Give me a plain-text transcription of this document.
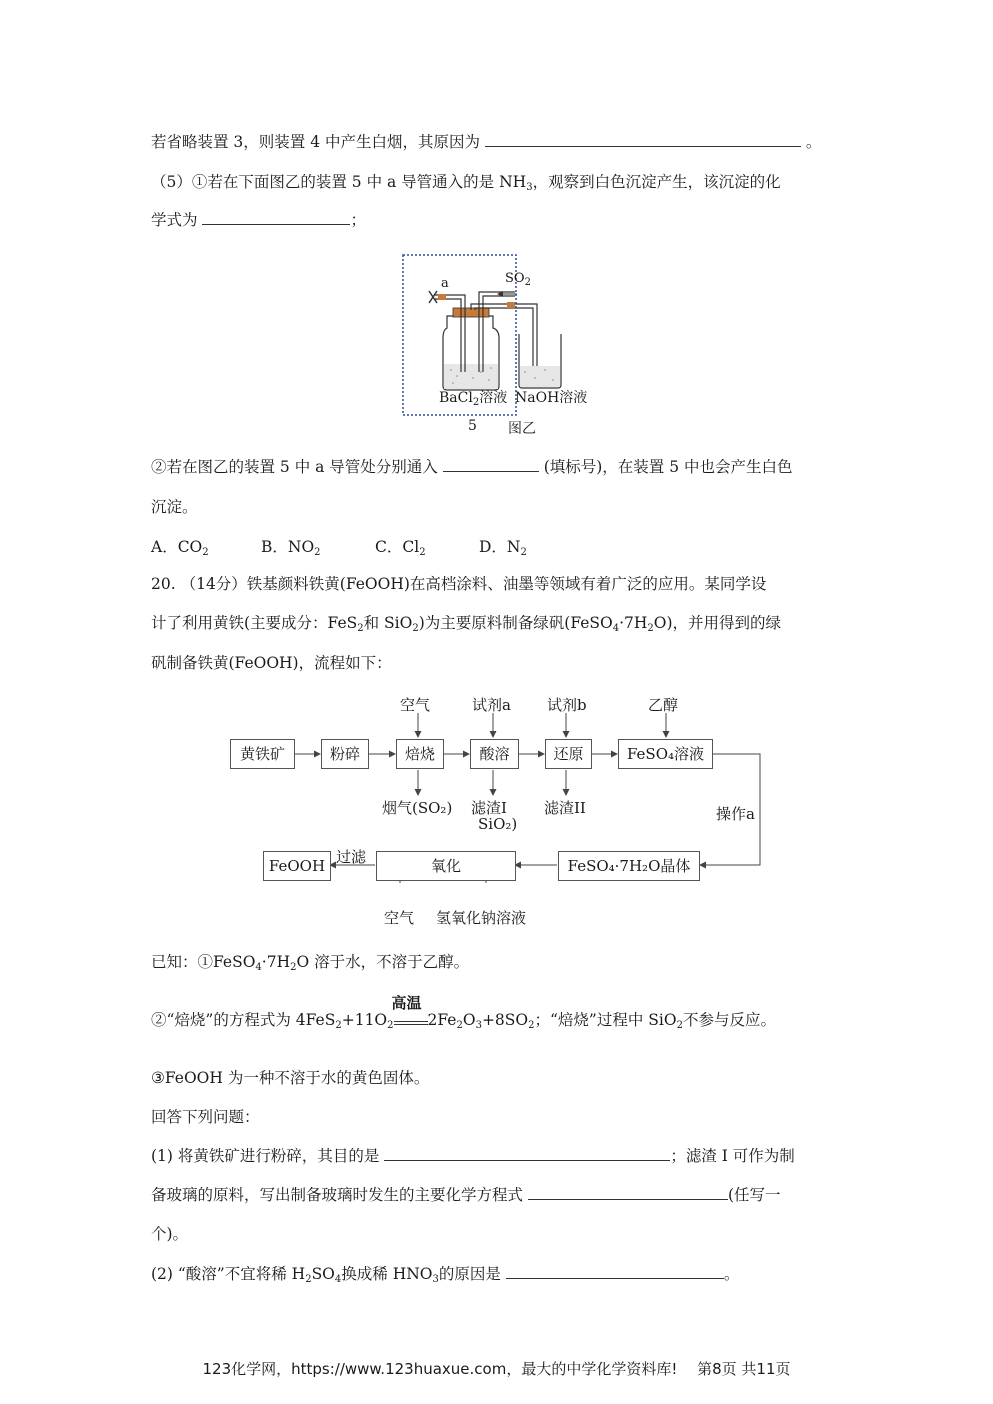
若省略装置 3，则装置 4 中产生白烟，其原因为	。
（5）①若在下面图乙的装置 5 中 a 导管通入的是 $NH_3$，观察到白色沉淀产生，该沉淀的化
学式为	；
a	$SO_2$
BaCl$_2$溶液 NaOH溶液
5 图乙
②若在图乙的装置 5 中 a 导管处分别通入	(填标号)，在装置 5 中也会产生白色
沉淀。
A．$CO_2$	B．$NO_2$	C．$Cl_2$	D．$N_2$
20. （14分）铁基颜料铁黄(FeOOH)在高档涂料、油墨等领域有着广泛的应用。某同学设
计了利用黄铁(主要成分：FeS$_2$和 SiO$_2$)为主要原料制备绿矾$(FeSO_4\cdot 7H_2O)$，并用得到的绿
矾制备铁黄(FeOOH)，流程如下：
黄铁矿	粉碎	焙烧	酸溶	还原	FeSO₄溶液
FeSO₄·7H₂O晶体
氧化
FeOOH
空气	试剂a 试剂b	乙醇
烟气(SO₂) 滤渣I
SiO₂)
滤渣II	操作a
过滤
空气 氢氧化钠溶液
已知：$①FeSO_4\cdot 7H_2O$ 溶于水，不溶于乙醇。
②“焙烧”的方程式为 $4FeS_2+11O_2$
高温
$2Fe_2O_3+8SO_2$；“焙烧”过程中 SiO$_2$不参与反应。
③FeOOH 为一种不溶于水的黄色固体。
回答下列问题：
(1) 将黄铁矿进行粉碎，其目的是	；滤渣 I 可作为制
备玻璃的原料，写出制备玻璃时发生的主要化学方程式	(任写一
个)。
(2) “酸溶”不宜将稀 $H_2SO_4$换成稀 $HNO_3$的原因是	。
123化学网，https://www.123huaxue.com，最大的中学化学资料库!　 第8页 共11页
